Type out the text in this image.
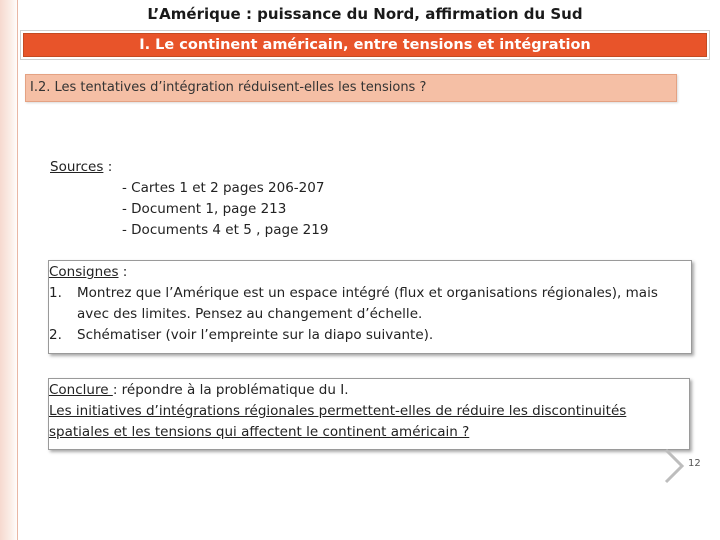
L’Amérique : puissance du Nord, affirmation du Sud
I. Le continent américain, entre tensions et intégration
I.2. Les tentatives d’intégration réduisent-elles les tensions ?
Sources :
- Cartes 1 et 2 pages 206-207
- Document 1, page 213
- Documents 4 et 5 , page 219
Consignes :
1. Montrez que l’Amérique est un espace intégré (flux et organisations régionales), mais avec des limites. Pensez au changement d’échelle.
2. Schématiser (voir l’empreinte sur la diapo suivante).
Conclure : répondre à la problématique du I.
Les initiatives d’intégrations régionales permettent-elles de réduire les discontinuités spatiales et les tensions qui affectent le continent américain ?
12
